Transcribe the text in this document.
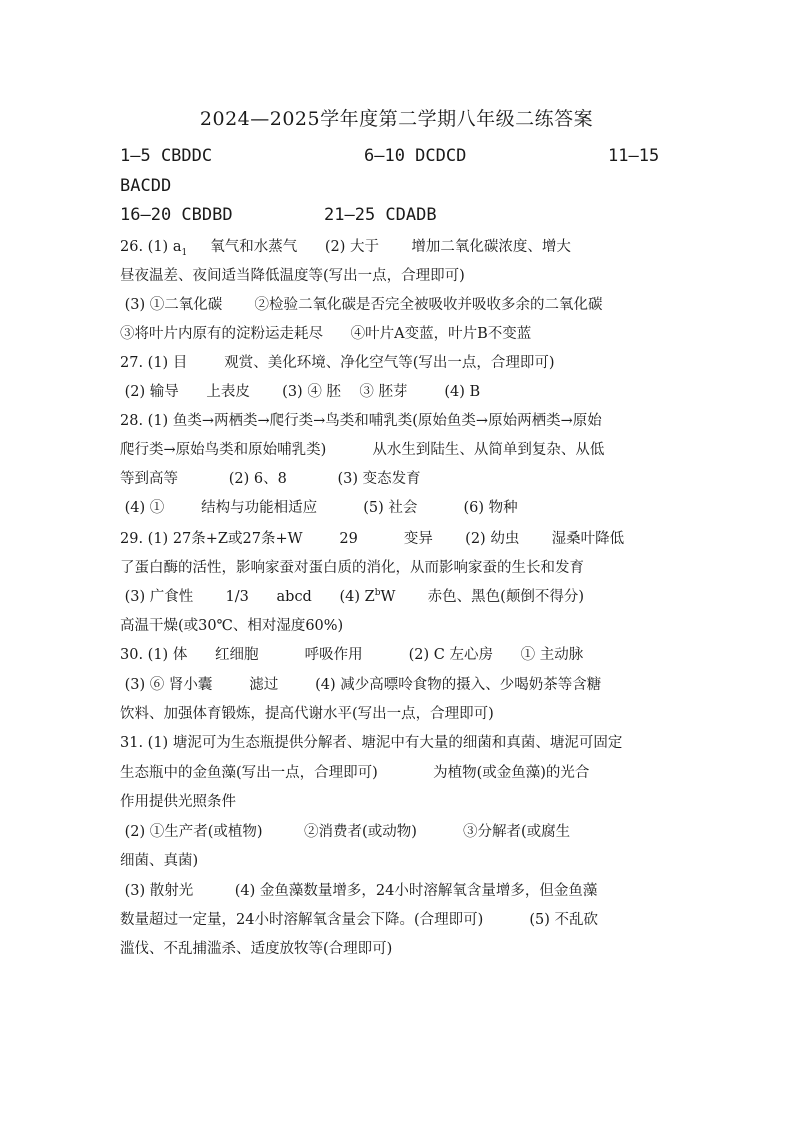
2024—2025学年度第二学期八年级二练答案
1—5 CBDDC	6—10 DCDCD	11—15
BACDD
16—20 CBDBD	21—25 CDADB
26. (1) $a_1$     氧气和水蒸气      (2) 大于       增加二氧化碳浓度、增大
昼夜温差、夜间适当降低温度等(写出一点，合理即可)
(3) ①二氧化碳       ②检验二氧化碳是否完全被吸收并吸收多余的二氧化碳
③将叶片内原有的淀粉运走耗尽      ④叶片A变蓝，叶片B不变蓝
27. (1) 目        观赏、美化环境、净化空气等(写出一点，合理即可)
(2) 输导      上表皮       (3) ④ 胚    ③ 胚芽        (4) B
28. (1) 鱼类→两栖类→爬行类→鸟类和哺乳类(原始鱼类→原始两栖类→原始
爬行类→原始鸟类和原始哺乳类)          从水生到陆生、从简单到复杂、从低
等到高等           (2) 6、8           (3) 变态发育
(4) ①        结构与功能相适应          (5) 社会          (6) 物种
29. (1) 27条+Z或27条+W        29          变异       (2) 幼虫       湿桑叶降低
了蛋白酶的活性，影响家蚕对蛋白质的消化，从而影响家蚕的生长和发育
(3) 广食性       1/3      abcd      (4) $Z^bW$       赤色、黑色(颠倒不得分)
高温干燥(或30℃、相对湿度60%)
30. (1) 体      红细胞          呼吸作用          (2) C 左心房      ① 主动脉
(3) ⑥ 肾小囊        滤过        (4) 减少高嘌呤食物的摄入、少喝奶茶等含糖
饮料、加强体育锻炼，提高代谢水平(写出一点，合理即可)
31. (1) 塘泥可为生态瓶提供分解者、塘泥中有大量的细菌和真菌、塘泥可固定
生态瓶中的金鱼藻(写出一点，合理即可)            为植物(或金鱼藻)的光合
作用提供光照条件
(2) ①生产者(或植物)         ②消费者(或动物)          ③分解者(或腐生
细菌、真菌)
(3) 散射光         (4) 金鱼藻数量增多，24小时溶解氧含量增多，但金鱼藻
数量超过一定量，24小时溶解氧含量会下降。(合理即可)          (5) 不乱砍
滥伐、不乱捕滥杀、适度放牧等(合理即可)
